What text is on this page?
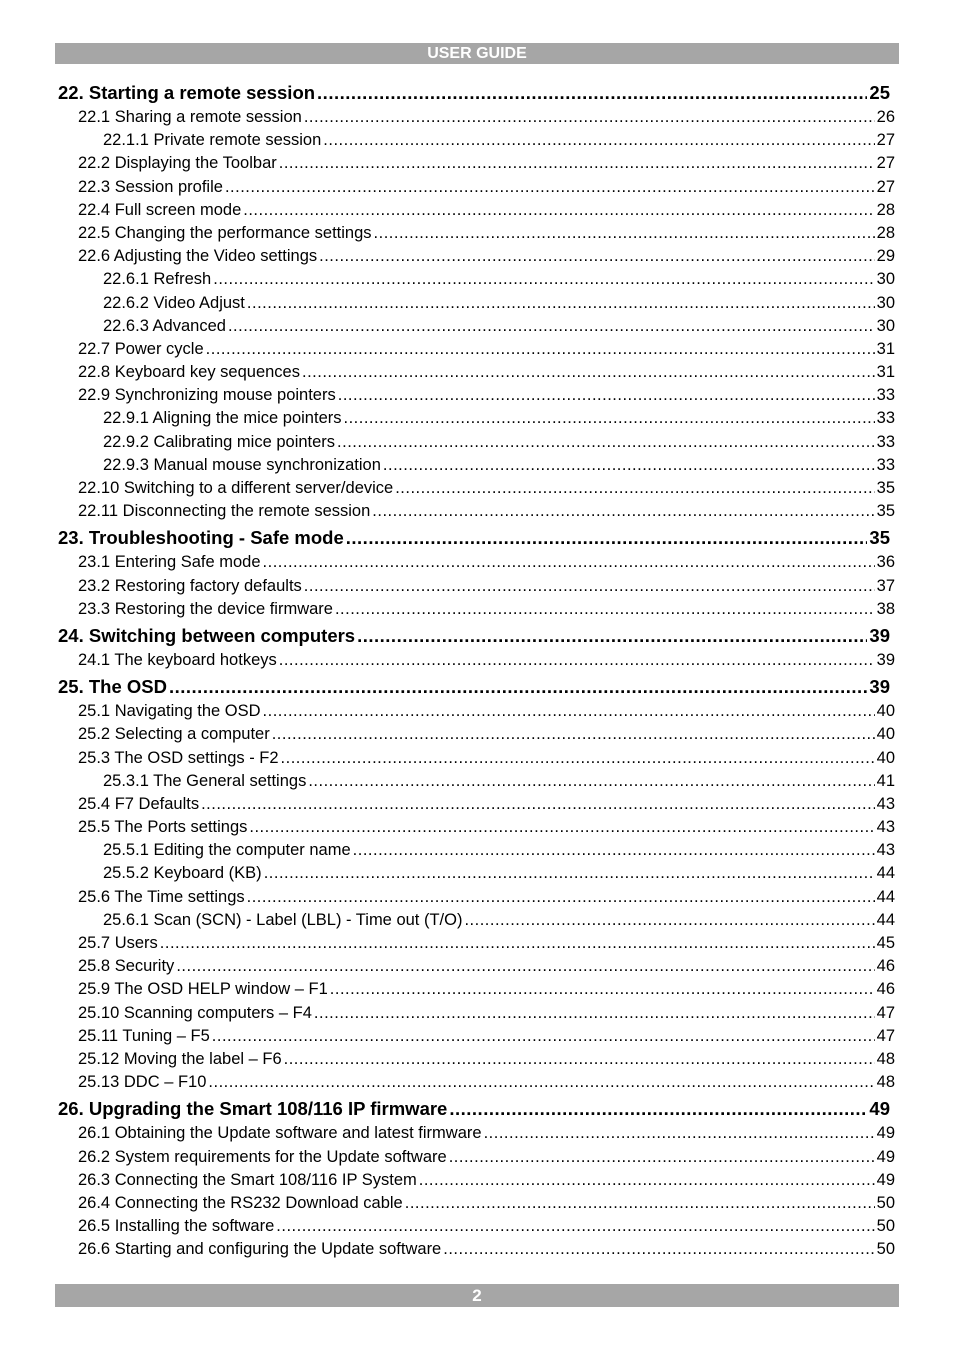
USER GUIDE
22. Starting a remote session .....	25
22.1 Sharing a remote session .....	26
22.1.1 Private remote session .....	27
22.2 Displaying the Toolbar .....	27
22.3 Session profile .....	27
22.4 Full screen mode .....	28
22.5 Changing the performance settings .....	28
22.6 Adjusting the Video settings .....	29
22.6.1 Refresh .....	30
22.6.2 Video Adjust .....	30
22.6.3 Advanced .....	30
22.7 Power cycle .....	31
22.8 Keyboard key sequences .....	31
22.9 Synchronizing mouse pointers .....	33
22.9.1 Aligning the mice pointers .....	33
22.9.2 Calibrating mice pointers .....	33
22.9.3 Manual mouse synchronization .....	33
22.10 Switching to a different server/device .....	35
22.11 Disconnecting the remote session .....	35
23. Troubleshooting - Safe mode .....	35
23.1 Entering Safe mode .....	36
23.2 Restoring factory defaults .....	37
23.3 Restoring the device firmware .....	38
24. Switching between computers .....	39
24.1 The keyboard hotkeys .....	39
25. The OSD .....	39
25.1 Navigating the OSD .....	40
25.2 Selecting a computer .....	40
25.3 The OSD settings - F2 .....	40
25.3.1 The General settings .....	41
25.4 F7 Defaults .....	43
25.5 The Ports settings .....	43
25.5.1 Editing the computer name .....	43
25.5.2 Keyboard (KB) .....	44
25.6 The Time settings .....	44
25.6.1 Scan (SCN) - Label (LBL) - Time out (T/O) .....	44
25.7 Users .....	45
25.8 Security .....	46
25.9 The OSD HELP window – F1 .....	46
25.10 Scanning computers – F4 .....	47
25.11 Tuning – F5 .....	47
25.12 Moving the label – F6 .....	48
25.13 DDC – F10 .....	48
26. Upgrading the Smart 108/116 IP firmware .....	49
26.1 Obtaining the Update software and latest firmware .....	49
26.2 System requirements for the Update software .....	49
26.3 Connecting the Smart 108/116 IP System .....	49
26.4 Connecting the RS232 Download cable .....	50
26.5 Installing the software .....	50
26.6 Starting and configuring the Update software .....	50
2
